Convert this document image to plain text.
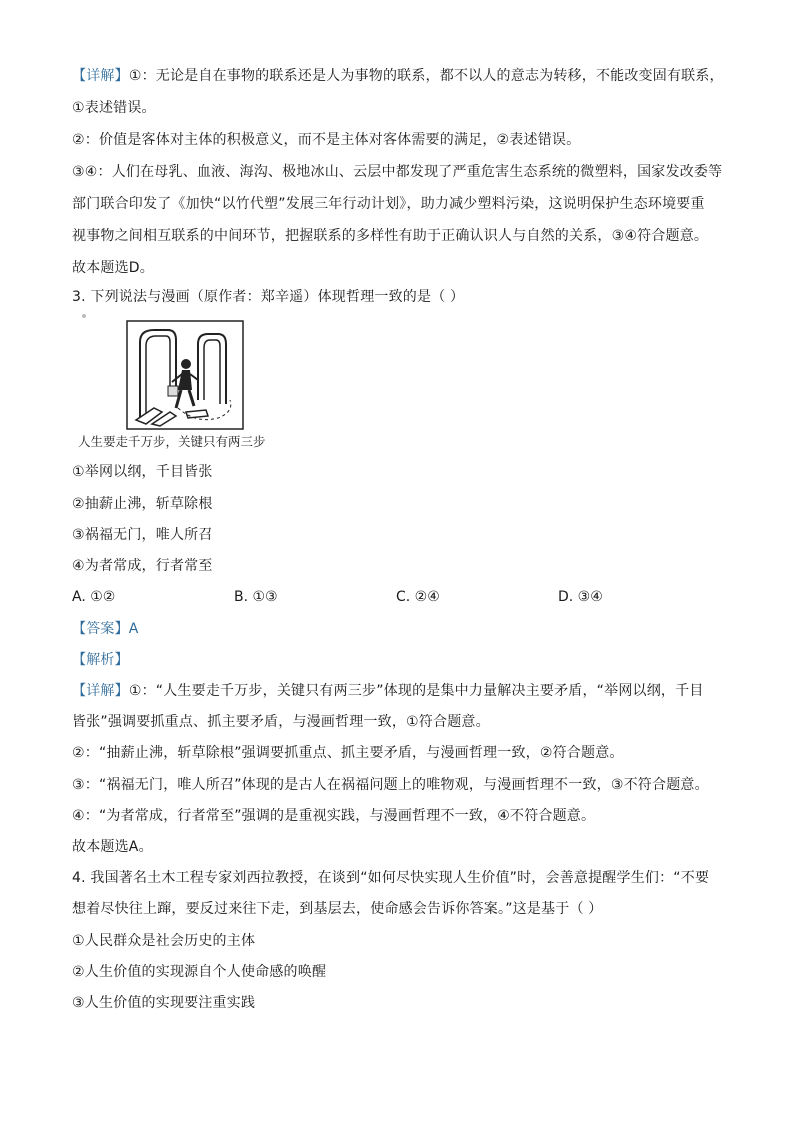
【详解】①：无论是自在事物的联系还是人为事物的联系，都不以人的意志为转移，不能改变固有联系，
①表述错误。
②：价值是客体对主体的积极意义，而不是主体对客体需要的满足，②表述错误。
③④：人们在母乳、血液、海沟、极地冰山、云层中都发现了严重危害生态系统的微塑料，国家发改委等
部门联合印发了《加快“以竹代塑”发展三年行动计划》，助力减少塑料污染，这说明保护生态环境要重
视事物之间相互联系的中间环节，把握联系的多样性有助于正确认识人与自然的关系，③④符合题意。
故本题选D。
3. 下列说法与漫画（原作者：郑辛遥）体现哲理一致的是（ ）
人生要走千万步，关键只有两三步
①举网以纲，千目皆张
②抽薪止沸，斩草除根
③祸福无门，唯人所召
④为者常成，行者常至
A. ①②	B. ①③	C. ②④	D. ③④
【答案】A
【解析】
【详解】①：“人生要走千万步，关键只有两三步”体现的是集中力量解决主要矛盾，“举网以纲，千目
皆张”强调要抓重点、抓主要矛盾，与漫画哲理一致，①符合题意。
②：“抽薪止沸，斩草除根”强调要抓重点、抓主要矛盾，与漫画哲理一致，②符合题意。
③：“祸福无门，唯人所召”体现的是古人在祸福问题上的唯物观，与漫画哲理不一致，③不符合题意。
④：“为者常成，行者常至”强调的是重视实践，与漫画哲理不一致，④不符合题意。
故本题选A。
4. 我国著名土木工程专家刘西拉教授，在谈到“如何尽快实现人生价值”时，会善意提醒学生们：“不要
想着尽快往上蹿，要反过来往下走，到基层去，使命感会告诉你答案。”这是基于（ ）
①人民群众是社会历史的主体
②人生价值的实现源自个人使命感的唤醒
③人生价值的实现要注重实践
